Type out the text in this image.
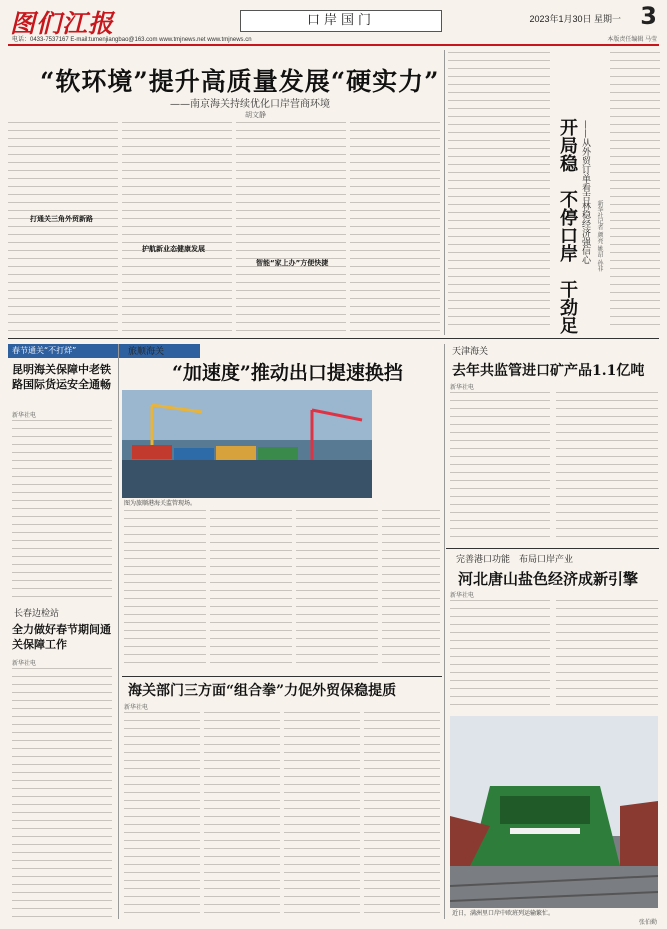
图们江报
电话：0433-7537167 E-mail:tumenjiangbao@163.com www.tmjnews.net www.tmjnews.cn
口岸国门	2023年1月30日 星期一 3
本版责任编辑 马莹
“软环境”提升高质量发展“硬实力”
——南京海关持续优化口岸营商环境
胡文静
打通关三角外贸新路
护航新业态健康发展
智能“家上办”方便快捷	开局稳　不停口岸　干劲足 ——从外贸订单看吉林稳经济强信心	新华社记者 颜亮 姚昂 孙非
春节通关“不打烊”
昆明海关保障中老铁路国际货运安全通畅
新华社电
长春边检站
全力做好春节期间通关保障工作
新华社电
旅顺海关
“加速度”推动出口提速换挡
图为旅顺港海关监管现场。
海关部门三方面“组合拳”力促外贸保稳提质
新华社电
天津海关
去年共监管进口矿产品1.1亿吨
新华社电
完善港口功能　布局口岸产业
河北唐山盐色经济成新引擎
新华社电
近日，满洲里口岸中欧班列运输繁忙。
张伯勤
